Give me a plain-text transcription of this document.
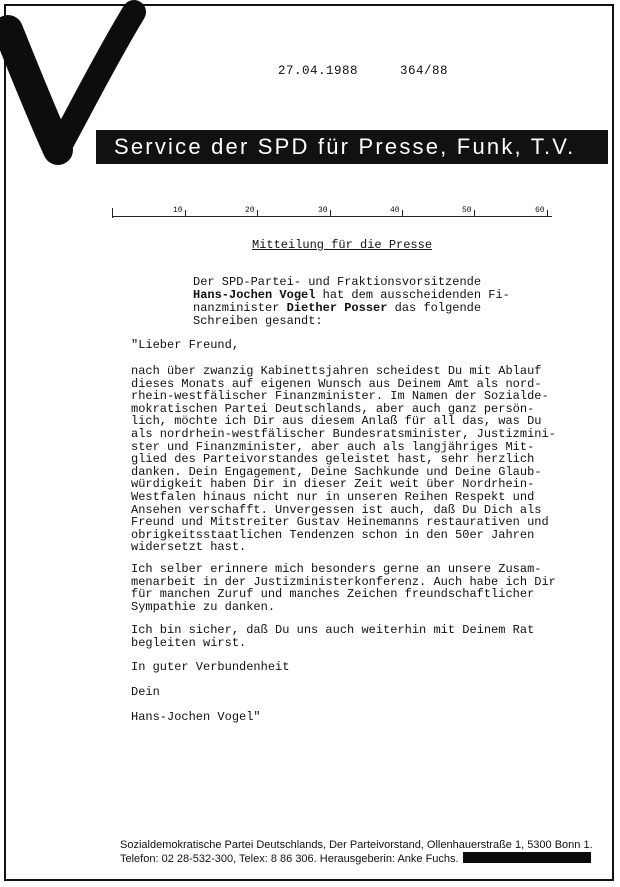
27.04.1988	364/88
Service der SPD für Presse, Funk, T.V.
10	20	30	40	50	60
Mitteilung für die Presse
Der SPD-Partei- und Fraktionsvorsitzende
Hans-Jochen Vogel hat dem ausscheidenden Fi-
nanzminister Diether Posser das folgende
Schreiben gesandt:
"Lieber Freund,
nach über zwanzig Kabinettsjahren scheidest Du mit Ablauf
dieses Monats auf eigenen Wunsch aus Deinem Amt als nord-
rhein-westfälischer Finanzminister. Im Namen der Sozialde-
mokratischen Partei Deutschlands, aber auch ganz persön-
lich, möchte ich Dir aus diesem Anlaß für all das, was Du
als nordrhein-westfälischer Bundesratsminister, Justizmini-
ster und Finanzminister, aber auch als langjähriges Mit-
glied des Parteivorstandes geleistet hast, sehr herzlich
danken. Dein Engagement, Deine Sachkunde und Deine Glaub-
würdigkeit haben Dir in dieser Zeit weit über Nordrhein-
Westfalen hinaus nicht nur in unseren Reihen Respekt und
Ansehen verschafft. Unvergessen ist auch, daß Du Dich als
Freund und Mitstreiter Gustav Heinemanns restaurativen und
obrigkeitsstaatlichen Tendenzen schon in den 50er Jahren
widersetzt hast.
Ich selber erinnere mich besonders gerne an unsere Zusam-
menarbeit in der Justizministerkonferenz. Auch habe ich Dir
für manchen Zuruf und manches Zeichen freundschaftlicher
Sympathie zu danken.
Ich bin sicher, daß Du uns auch weiterhin mit Deinem Rat
begleiten wirst.
In guter Verbundenheit
Dein
Hans-Jochen Vogel"
Sozialdemokratische Partei Deutschlands, Der Parteivorstand, Ollenhauerstraße 1, 5300 Bonn 1.
Telefon: 02 28-532-300, Telex: 8 86 306. Herausgeberin: Anke Fuchs.
